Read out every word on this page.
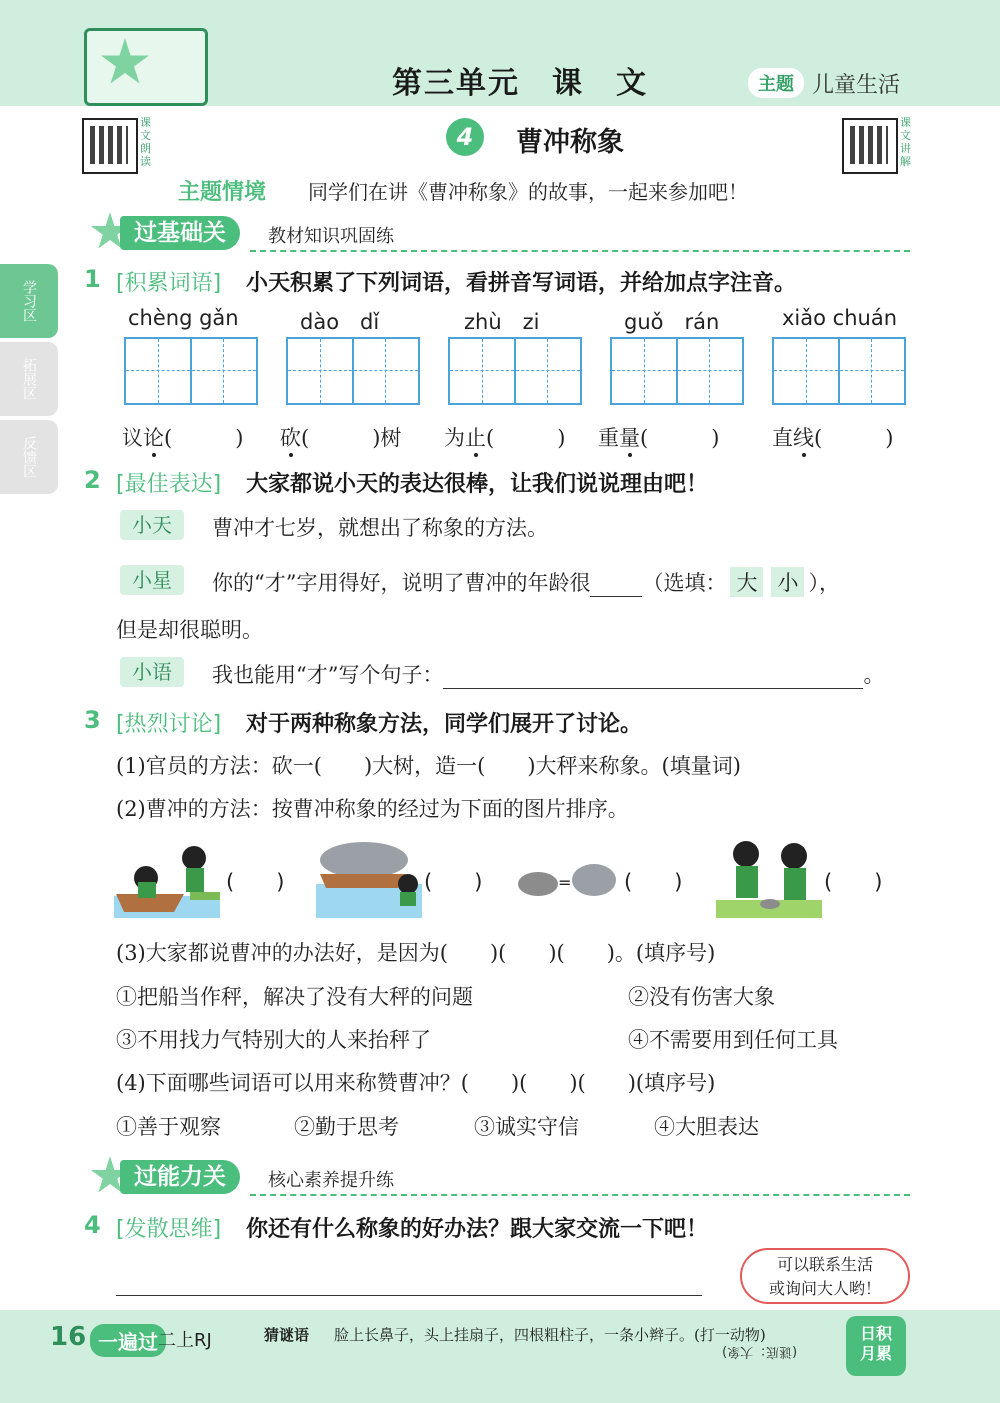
第三单元　课　文	主题 儿童生活
课文朗读
课文讲解
4	曹冲称象
主题情境 同学们在讲《曹冲称象》的故事，一起来参加吧！
学习区
拓展区
反馈区
过基础关	教材知识巩固练
1 [积累词语] 小天积累了下列词语，看拼音写词语，并给加点字注音。
chèng gǎn	dào　dǐ	zhù　zi	guǒ　rán	xiǎo chuán
议论(　　　) 砍(　　　)树 为止(　　　) 重量(　　　)	直线(　　　)
2 [最佳表达] 大家都说小天的表达很棒，让我们说说理由吧！
小天	曹冲才七岁，就想出了称象的方法。
小星	你的“才”字用得好，说明了曹冲的年龄很 （选填： 大 小 ），
但是却很聪明。
小语	我也能用“才”写个句子：	。
3 [热烈讨论] 对于两种称象方法，同学们展开了讨论。
(1)官员的方法：砍一(　　)大树，造一(　　)大秤来称象。(填量词)
(2)曹冲的方法：按曹冲称象的经过为下面的图片排序。
(　　)	(　　)	=	(　　)	(　　)
(3)大家都说曹冲的办法好，是因为(　　)(　　)(　　)。(填序号)
①把船当作秤，解决了没有大秤的问题	②没有伤害大象
③不用找力气特别大的人来抬秤了	④不需要用到任何工具
(4)下面哪些词语可以用来称赞曹冲？(　　)(　　)(　　)(填序号)
①善于观察	②勤于思考	③诚实守信	④大胆表达
过能力关	核心素养提升练
4 [发散思维] 你还有什么称象的好办法？跟大家交流一下吧！
可以联系生活
或询问大人哟！
16 一遍过 二上RJ	猜谜语 脸上长鼻子，头上挂扇子，四根粗柱子，一条小辫子。(打一动物)
(谜底：大象)
日积
月累
